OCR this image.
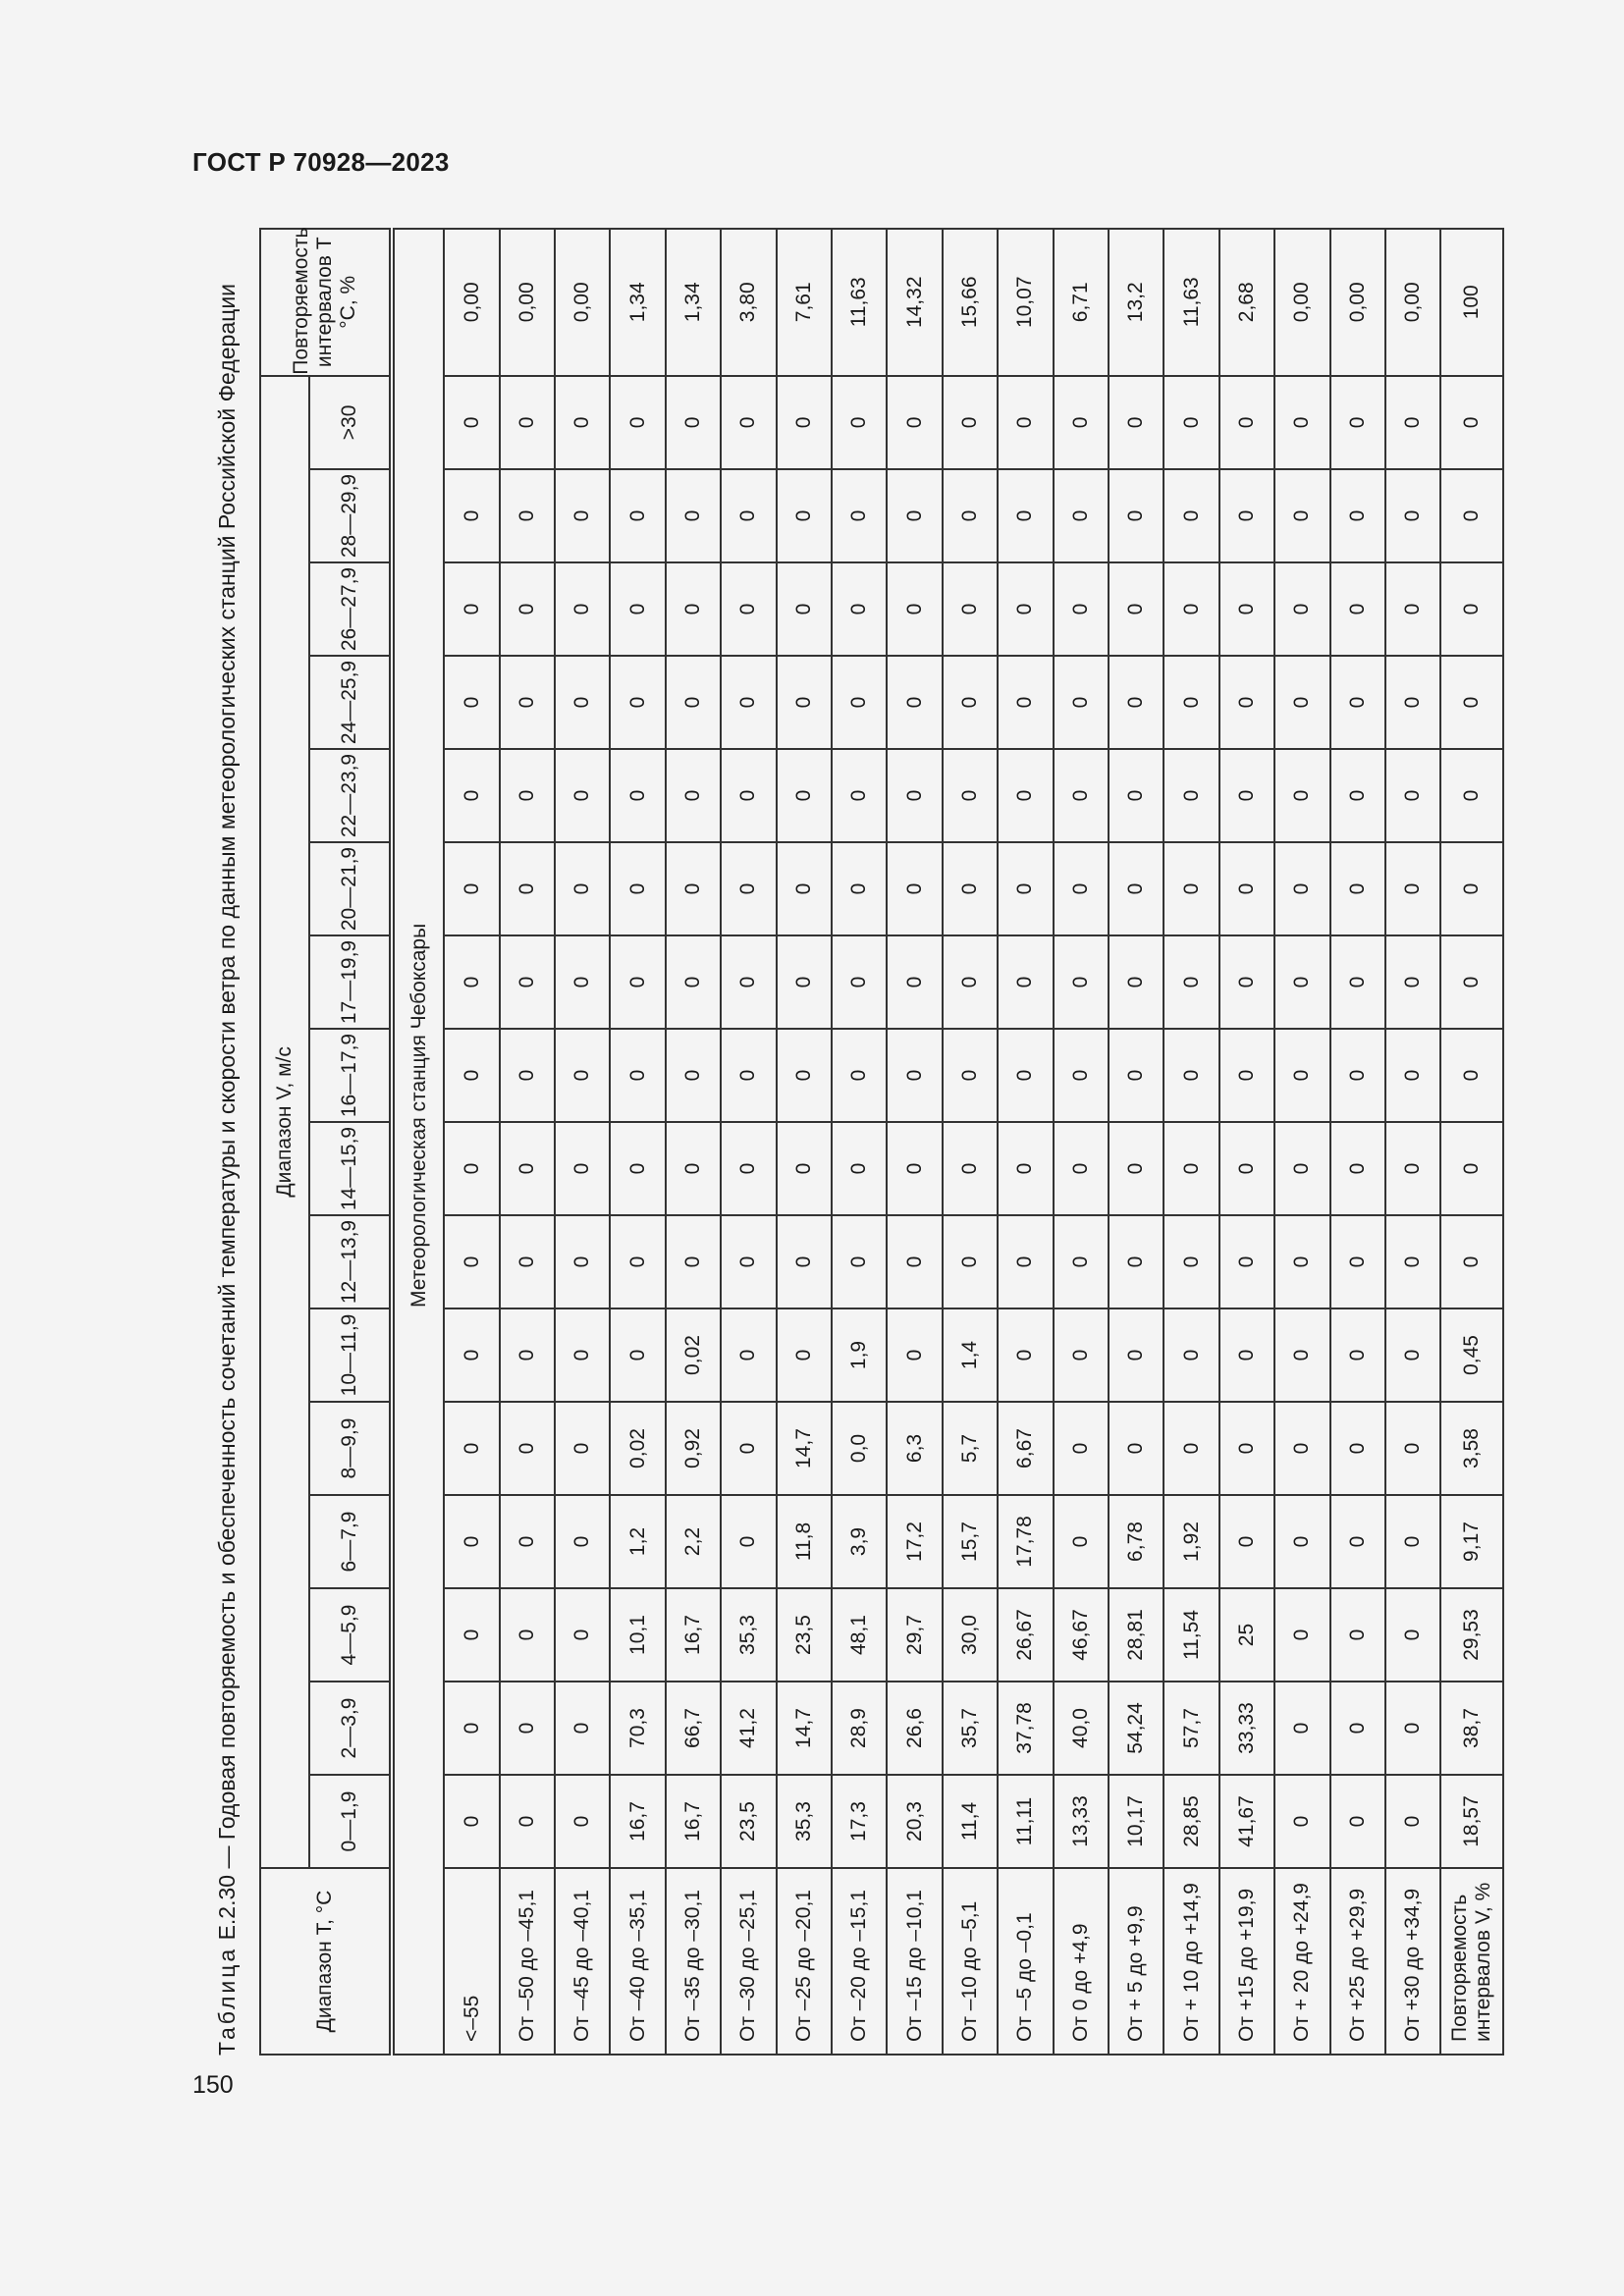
ГОСТ Р 70928—2023
150
Таблица Е.2.30 — Годовая повторяемость и обеспеченность сочетаний температуры и скорости ветра по данным метеорологических станций Российской Федерации
Диапазон T, °C	Диапазон V, м/с																Повторяемость интервалов T °C, %
	0—1,9	2—3,9	4—5,9	6—7,9	8—9,9	10—11,9	12—13,9	14—15,9	16—17,9	17—19,9	20—21,9	22—23,9	24—25,9	26—27,9	28—29,9	>30	
Метеорологическая станция Чебоксары																	
<–55	0	0	0	0	0	0	0	0	0	0	0	0	0	0	0	0	0,00
От –50 до –45,1	0	0	0	0	0	0	0	0	0	0	0	0	0	0	0	0	0,00
От –45 до –40,1	0	0	0	0	0	0	0	0	0	0	0	0	0	0	0	0	0,00
От –40 до –35,1	16,7	70,3	10,1	1,2	0,02	0	0	0	0	0	0	0	0	0	0	0	1,34
От –35 до –30,1	16,7	66,7	16,7	2,2	0,92	0,02	0	0	0	0	0	0	0	0	0	0	1,34
От –30 до –25,1	23,5	41,2	35,3	0	0	0	0	0	0	0	0	0	0	0	0	0	3,80
От –25 до –20,1	35,3	14,7	23,5	11,8	14,7	0	0	0	0	0	0	0	0	0	0	0	7,61
От –20 до –15,1	17,3	28,9	48,1	3,9	0,0	1,9	0	0	0	0	0	0	0	0	0	0	11,63
От –15 до –10,1	20,3	26,6	29,7	17,2	6,3	0	0	0	0	0	0	0	0	0	0	0	14,32
От –10 до –5,1	11,4	35,7	30,0	15,7	5,7	1,4	0	0	0	0	0	0	0	0	0	0	15,66
От –5 до –0,1	11,11	37,78	26,67	17,78	6,67	0	0	0	0	0	0	0	0	0	0	0	10,07
От 0 до +4,9	13,33	40,0	46,67	0	0	0	0	0	0	0	0	0	0	0	0	0	6,71
От + 5 до +9,9	10,17	54,24	28,81	6,78	0	0	0	0	0	0	0	0	0	0	0	0	13,2
От + 10 до +14,9	28,85	57,7	11,54	1,92	0	0	0	0	0	0	0	0	0	0	0	0	11,63
От +15 до +19,9	41,67	33,33	25	0	0	0	0	0	0	0	0	0	0	0	0	0	2,68
От + 20 до +24,9	0	0	0	0	0	0	0	0	0	0	0	0	0	0	0	0	0,00
От +25 до +29,9	0	0	0	0	0	0	0	0	0	0	0	0	0	0	0	0	0,00
От +30 до +34,9	0	0	0	0	0	0	0	0	0	0	0	0	0	0	0	0	0,00
Повторяемость интервалов V, %	18,57	38,7	29,53	9,17	3,58	0,45	0	0	0	0	0	0	0	0	0	0	100
